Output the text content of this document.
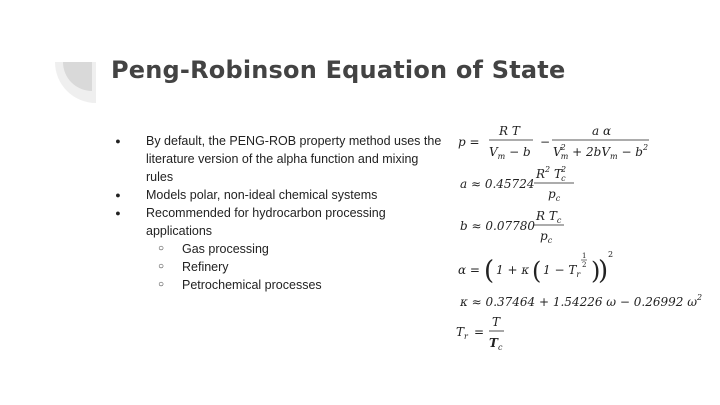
Peng-Robinson Equation of State
● By default, the PENG-ROB property method uses the literature version of the alpha function and mixing rules
● Models polar, non-ideal chemical systems
● Recommended for hydrocarbon processing applications
○ Gas processing
○ Refinery
○ Petrochemical processes
p =
R T
$V_m - b$
−
a α
V2 $m + 2bV_m - b^2$
a ≈ 0.45724
$R^2$ T2 c
$p_c$
b ≈ 0.07780
R $T_c$
$p_c$
α = ( 1 + κ ( $1 - T_r$
1
2 )
)
2
κ ≈ 0.37464 + 1.54226 ω − 0.26992 $\omega^2$
$T_r$ =
T
$T_c$
